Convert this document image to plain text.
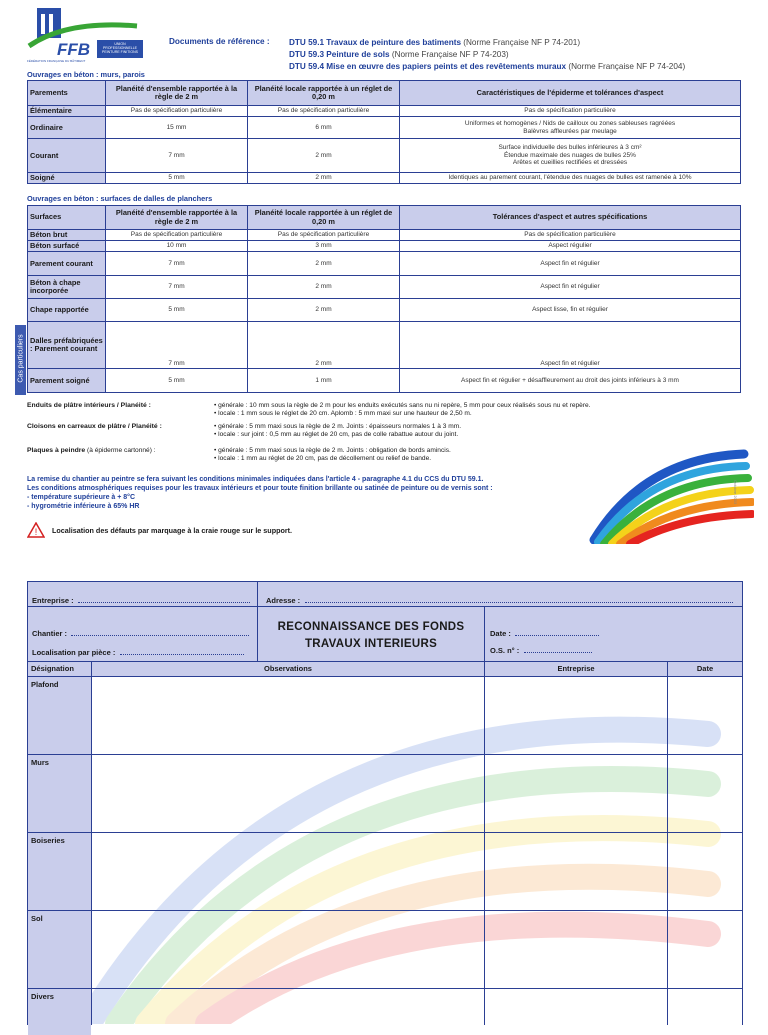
FFB	UNION PROFESSIONNELLE PEINTURE FINITIONS
FÉDÉRATION FRANÇAISE DU BÂTIMENT
Documents de référence : DTU 59.1 Travaux de peinture des batiments (Norme Française NF P 74-201)
DTU 59.3 Peinture de sols (Norme Française NF P 74-203)
DTU 59.4 Mise en œuvre des papiers peints et des revêtements muraux (Norme Française NF P 74-204)
Ouvrages en béton : murs, parois
Parements	Planéité d'ensemble rapportée à la règle de 2 m	Planéité locale rapportée à un réglet de 0,20 m	Caractéristiques de l'épiderme et tolérances d'aspect
Élémentaire	Pas de spécification particulière	Pas de spécification particulière	Pas de spécification particulière
Ordinaire	15 mm	6 mm	Uniformes et homogènes / Nids de cailloux ou zones sableuses ragréées
Balèvres affleurées par meulage

Courant	7 mm	2 mm	Surface individuelle des bulles inférieures à 3 cm²
Étendue maximale des nuages de bulles 25%
Arêtes et cueillies rectifiées et dressées

Soigné	5 mm	2 mm	Identiques au parement courant, l'étendue des nuages de bulles est ramenée à 10%
Ouvrages en béton : surfaces de dalles de planchers
Surfaces	Planéité d'ensemble rapportée à la règle de 2 m	Planéité locale rapportée à un réglet de 0,20 m	Tolérances d'aspect et autres spécifications
Béton brut	Pas de spécification particulière	Pas de spécification particulière	Pas de spécification particulière
Béton surfacé	10 mm	3 mm	Aspect régulier
Parement courant	7 mm	2 mm	Aspect fin et régulier
Béton à chape incorporée	7 mm	2 mm	Aspect fin et régulier
Chape rapportée	5 mm	2 mm	Aspect lisse, fin et régulier
Dalles préfabriquées : Parement courant	7 mm	2 mm	Aspect fin et régulier
Parement soigné	5 mm	1 mm	Aspect fin et régulier + désaffleurement au droit des joints inférieurs à 3 mm
Cas particuliers
Enduits de plâtre intérieurs / Planéité :	• générale : 10 mm sous la règle de 2 m pour les enduits exécutés sans nu ni repère, 5 mm pour ceux réalisés sous nu et repère.
• locale : 1 mm sous le réglet de 20 cm. Aplomb : 5 mm maxi sur une hauteur de 2,50 m.
Cloisons en carreaux de plâtre / Planéité :	• générale : 5 mm maxi sous la règle de 2 m. Joints : épaisseurs normales 1 à 3 mm.
• locale : sur joint : 0,5 mm au réglet de 20 cm, pas de colle rabattue autour du joint.
Plaques à peindre (à épiderme cartonné) :	• générale : 5 mm maxi sous la règle de 2 m. Joints : obligation de bords amincis.
• locale : 1 mm au réglet de 20 cm, pas de décollement ou relief de bande.
La remise du chantier au peintre se fera suivant les conditions minimales indiquées dans l'article 4 - paragraphe 4.1 du CCS du DTU 59.1.
Les conditions atmosphériques requises pour les travaux intérieurs et pour toute finition brillante ou satinée de peinture ou de vernis sont :
- température supérieure à + 8°C
- hygrométrie inférieure à 65% HR
! Localisation des défauts par marquage à la craie rouge sur le support.
Octobre 2003
Entreprise :	Adresse :
Chantier :
Localisation par pièce :
RECONNAISSANCE DES FONDS
TRAVAUX INTERIEURS
Date :
O.S. n° :
Désignation	Observations	Entreprise	Date
Plafond
Murs
Boiseries
Sol
Divers
